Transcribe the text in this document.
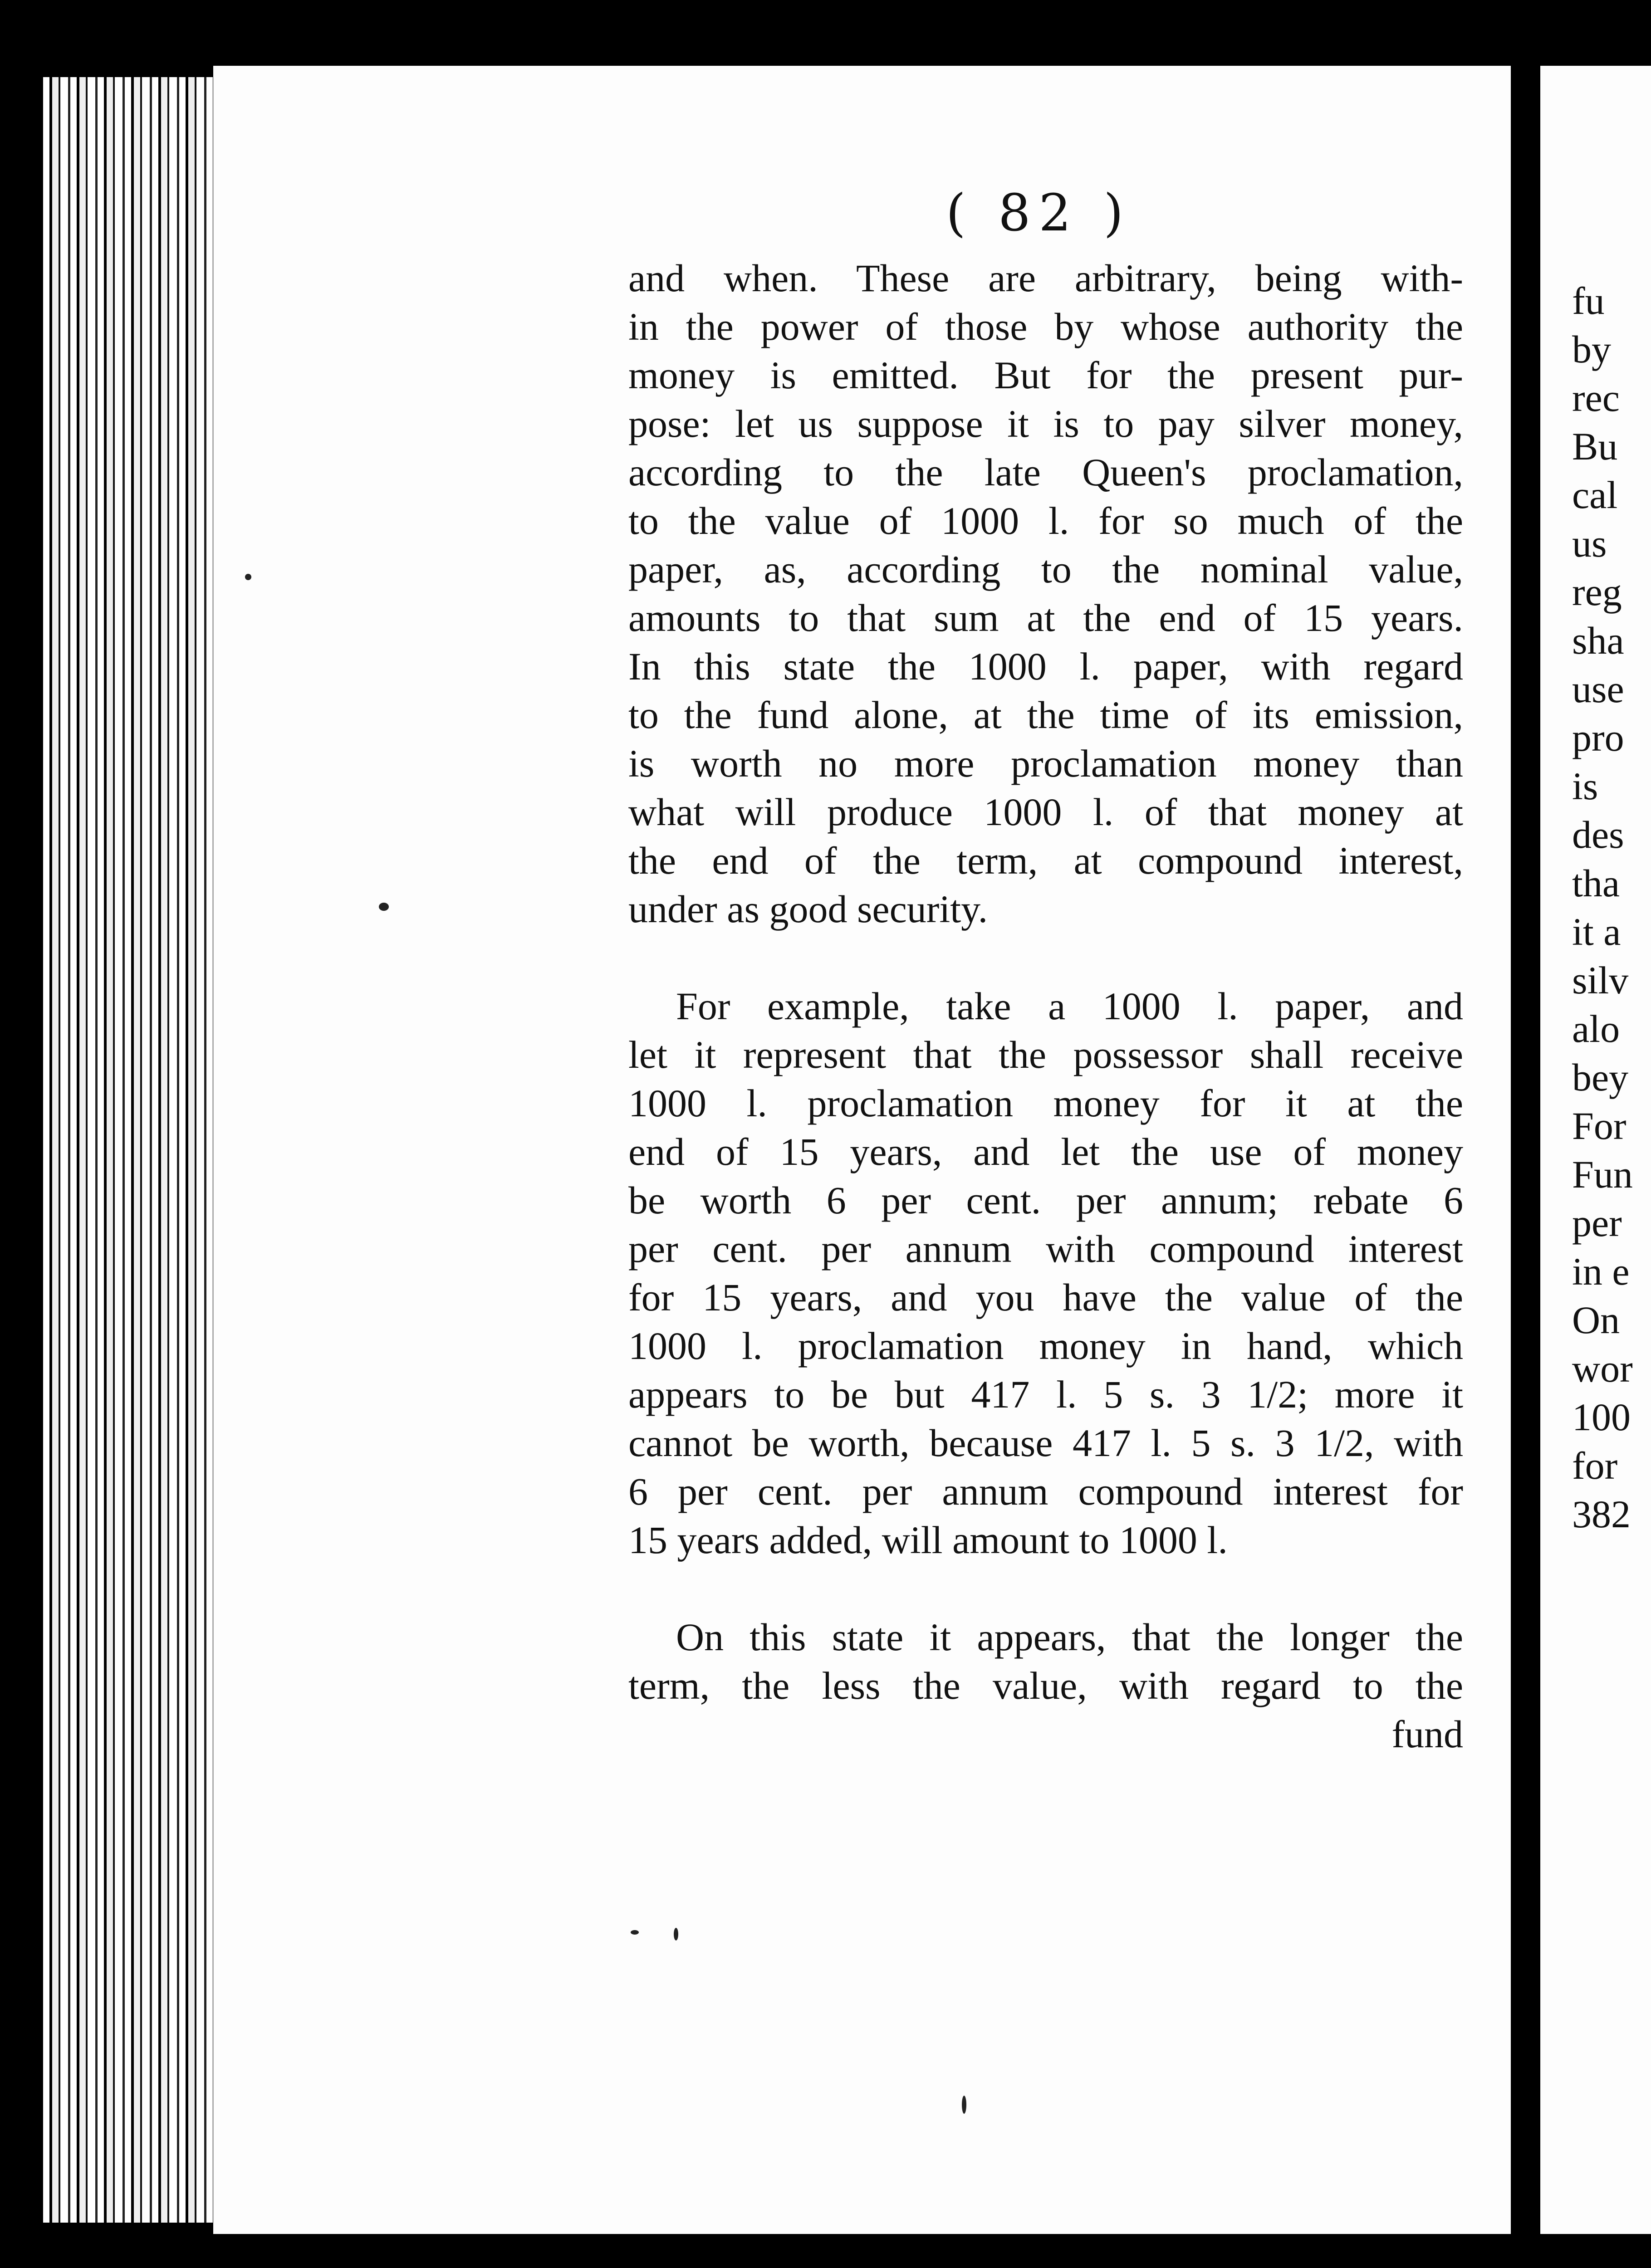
( 82 )
and when. These are arbitrary, being with-
in the power of those by whose authority the
money is emitted. But for the present pur-
pose: let us suppose it is to pay silver money,
according to the late Queen's proclamation,
to the value of 1000 l. for so much of the
paper, as, according to the nominal value,
amounts to that sum at the end of 15 years.
In this state the 1000 l. paper, with regard
to the fund alone, at the time of its emission,
is worth no more proclamation money than
what will produce 1000 l. of that money at
the end of the term, at compound interest,
under as good security.
For example, take a 1000 l. paper, and
let it represent that the possessor shall receive
1000 l. proclamation money for it at the
end of 15 years, and let the use of money
be worth 6 per cent. per annum; rebate 6
per cent. per annum with compound interest
for 15 years, and you have the value of the
1000 l. proclamation money in hand, which
appears to be but 417 l. 5 s. 3 1/2; more it
cannot be worth, because 417 l. 5 s. 3 1/2, with
6 per cent. per annum compound interest for
15 years added, will amount to 1000 l.
On this state it appears, that the longer the
term, the less the value, with regard to the
fund
fu
by
rec
Bu
cal
us
reg
sha
use
pro
is
des
tha
it a
silv
alo
bey
For
Fun
per
in e
On
wor
100
for
382
